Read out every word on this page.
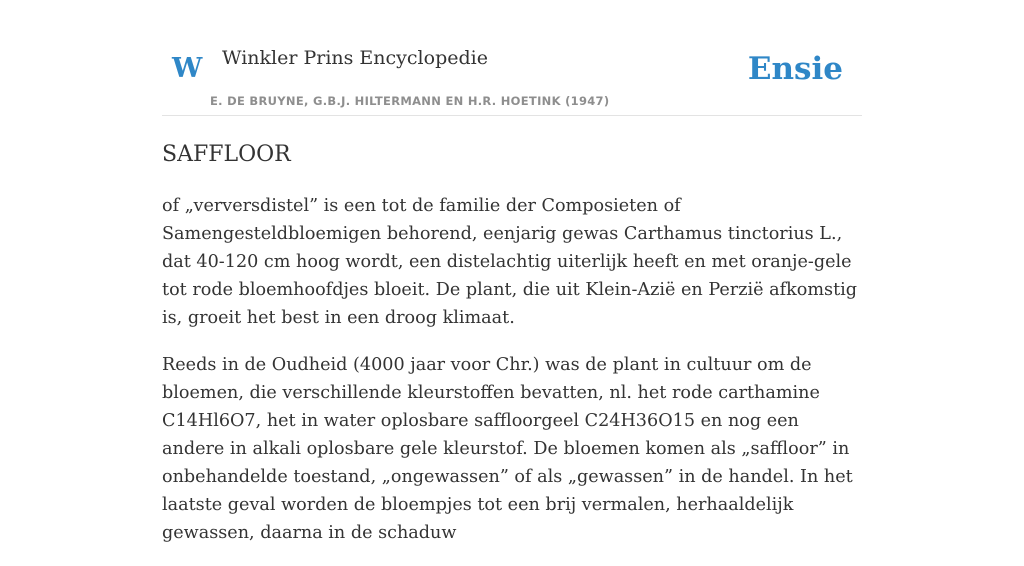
W Winkler Prins Encyclopedie
E. DE BRUYNE, G.B.J. HILTERMANN EN H.R. HOETINK (1947)
Ensie
SAFFLOOR

of „verversdistel” is een tot de familie der Composieten of Samengesteldbloemigen behorend, eenjarig gewas Carthamus tinctorius L., dat 40-120 cm hoog wordt, een distelachtig uiterlijk heeft en met oranje-gele tot rode bloemhoofdjes bloeit. De plant, die uit Klein-Azië en Perzië afkomstig is, groeit het best in een droog klimaat.

Reeds in de Oudheid (4000 jaar voor Chr.) was de plant in cultuur om de bloemen, die verschillende kleurstoffen bevatten, nl. het rode carthamine C14Hl6O7, het in water oplosbare saffloorgeel C24H36O15 en nog een andere in alkali oplosbare gele kleurstof. De bloemen komen als „saffloor” in onbehandelde toestand, „ongewassen” of als „gewassen” in de handel. In het laatste geval worden de bloempjes tot een brij vermalen, herhaaldelijk gewassen, daarna in de schaduw
